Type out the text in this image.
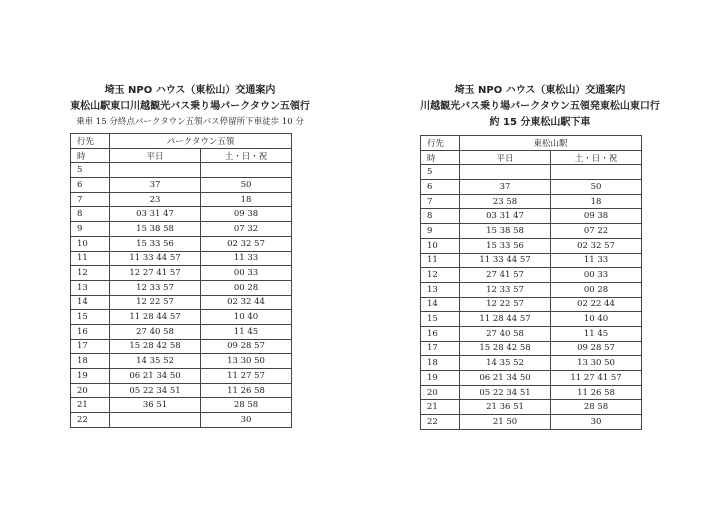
埼玉 NPO ハウス（東松山）交通案内
東松山駅東口川越観光バス乗り場パークタウン五領行
乗車 15 分終点パークタウン五領バス停留所下車徒歩 10 分
行先	パークタウン五領	
時	平日	土・日・祝
5		
6	37	50
7	23	18
8	03 31 47	09 38
9	15 38 58	07 32
10	15 33 56	02 32 57
11	11 33 44 57	11 33
12	12 27 41 57	00 33
13	12 33 57	00 28
14	12 22 57	02 32 44
15	11 28 44 57	10 40
16	27 40 58	11 45
17	15 28 42 58	09 28 57
18	14 35 52	13 30 50
19	06 21 34 50	11 27 57
20	05 22 34 51	11 26 58
21	36 51	28 58
22		30
埼玉 NPO ハウス（東松山）交通案内
川越観光バス乗り場パークタウン五領発東松山東口行
約 15 分東松山駅下車
行先	東松山駅	
時	平日	土・日・祝
5		
6	37	50
7	23 58	18
8	03 31 47	09 38
9	15 38 58	07 22
10	15 33 56	02 32 57
11	11 33 44 57	11 33
12	27 41 57	00 33
13	12 33 57	00 28
14	12 22 57	02 22 44
15	11 28 44 57	10 40
16	27 40 58	11 45
17	15 28 42 58	09 28 57
18	14 35 52	13 30 50
19	06 21 34 50	11 27 41 57
20	05 22 34 51	11 26 58
21	21 36 51	28 58
22	21 50	30
